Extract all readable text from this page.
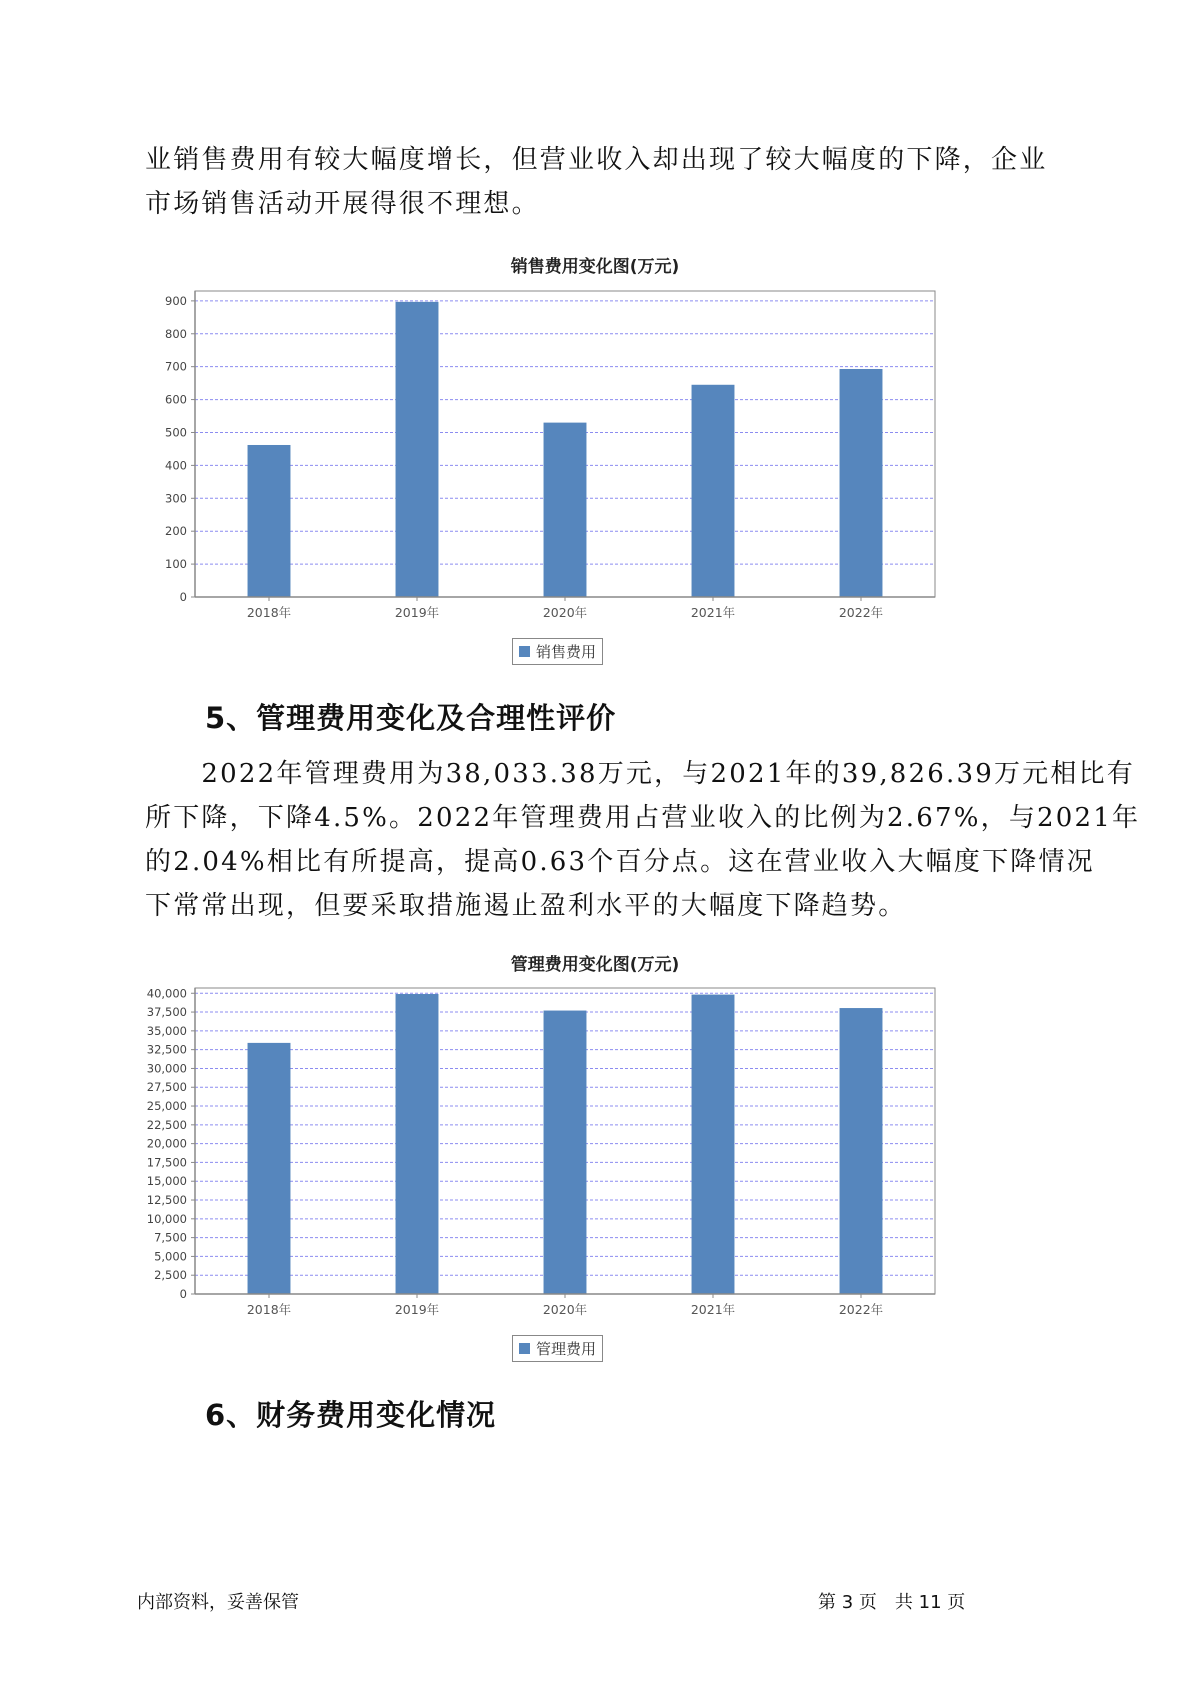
业销售费用有较大幅度增长，但营业收入却出现了较大幅度的下降，企业
市场销售活动开展得很不理想。
销售费用变化图(万元)
0
100
200
300
400
500
600
700
800
900
2018年	2019年	2020年	2021年	2022年
销售费用
5、管理费用变化及合理性评价
　　2022年管理费用为38,033.38万元，与2021年的39,826.39万元相比有
所下降，下降4.5%。2022年管理费用占营业收入的比例为2.67%，与2021年
的2.04%相比有所提高，提高0.63个百分点。这在营业收入大幅度下降情况
下常常出现，但要采取措施遏止盈利水平的大幅度下降趋势。
管理费用变化图(万元)
0
2,500
5,000
7,500
10,000
12,500
15,000
17,500
20,000
22,500
25,000
27,500
30,000
32,500
35,000
37,500
40,000
2018年	2019年	2020年	2021年	2022年
管理费用
6、财务费用变化情况
内部资料，妥善保管	第 3 页　共 11 页
